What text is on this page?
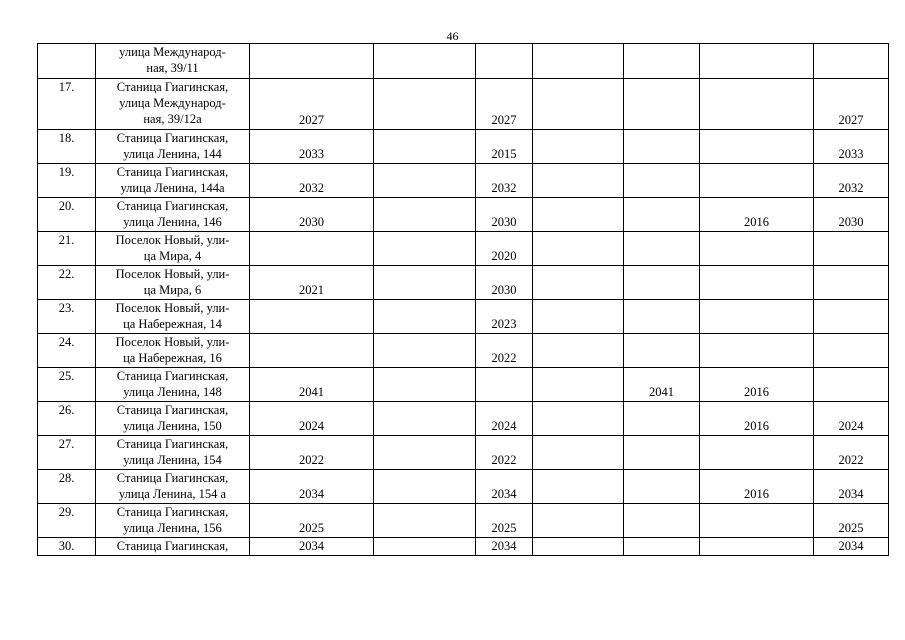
46

	улица Международ-
ная, 39/11							

17.	Станица Гиагинская,
улица Международ-
ная, 39/12а	2027		2027				2027
18.	Станица Гиагинская,
улица Ленина, 144	2033		2015				2033
19.	Станица Гиагинская,
улица Ленина, 144а	2032		2032				2032
20.	Станица Гиагинская,
улица Ленина, 146	2030		2030			2016	2030
21.	Поселок Новый, ули-
ца Мира, 4			2020				
22.	Поселок Новый, ули-
ца Мира, 6	2021		2030				
23.	Поселок Новый, ули-
ца Набережная, 14			2023				
24.	Поселок Новый, ули-
ца Набережная, 16			2022				
25.	Станица Гиагинская,
улица Ленина, 148	2041				2041	2016	
26.	Станица Гиагинская,
улица Ленина, 150	2024		2024			2016	2024
27.	Станица Гиагинская,
улица Ленина, 154	2022		2022				2022
28.	Станица Гиагинская,
улица Ленина, 154 а	2034		2034			2016	2034
29.	Станица Гиагинская,
улица Ленина, 156	2025		2025				2025
30.	Станица Гиагинская,	2034		2034				2034
